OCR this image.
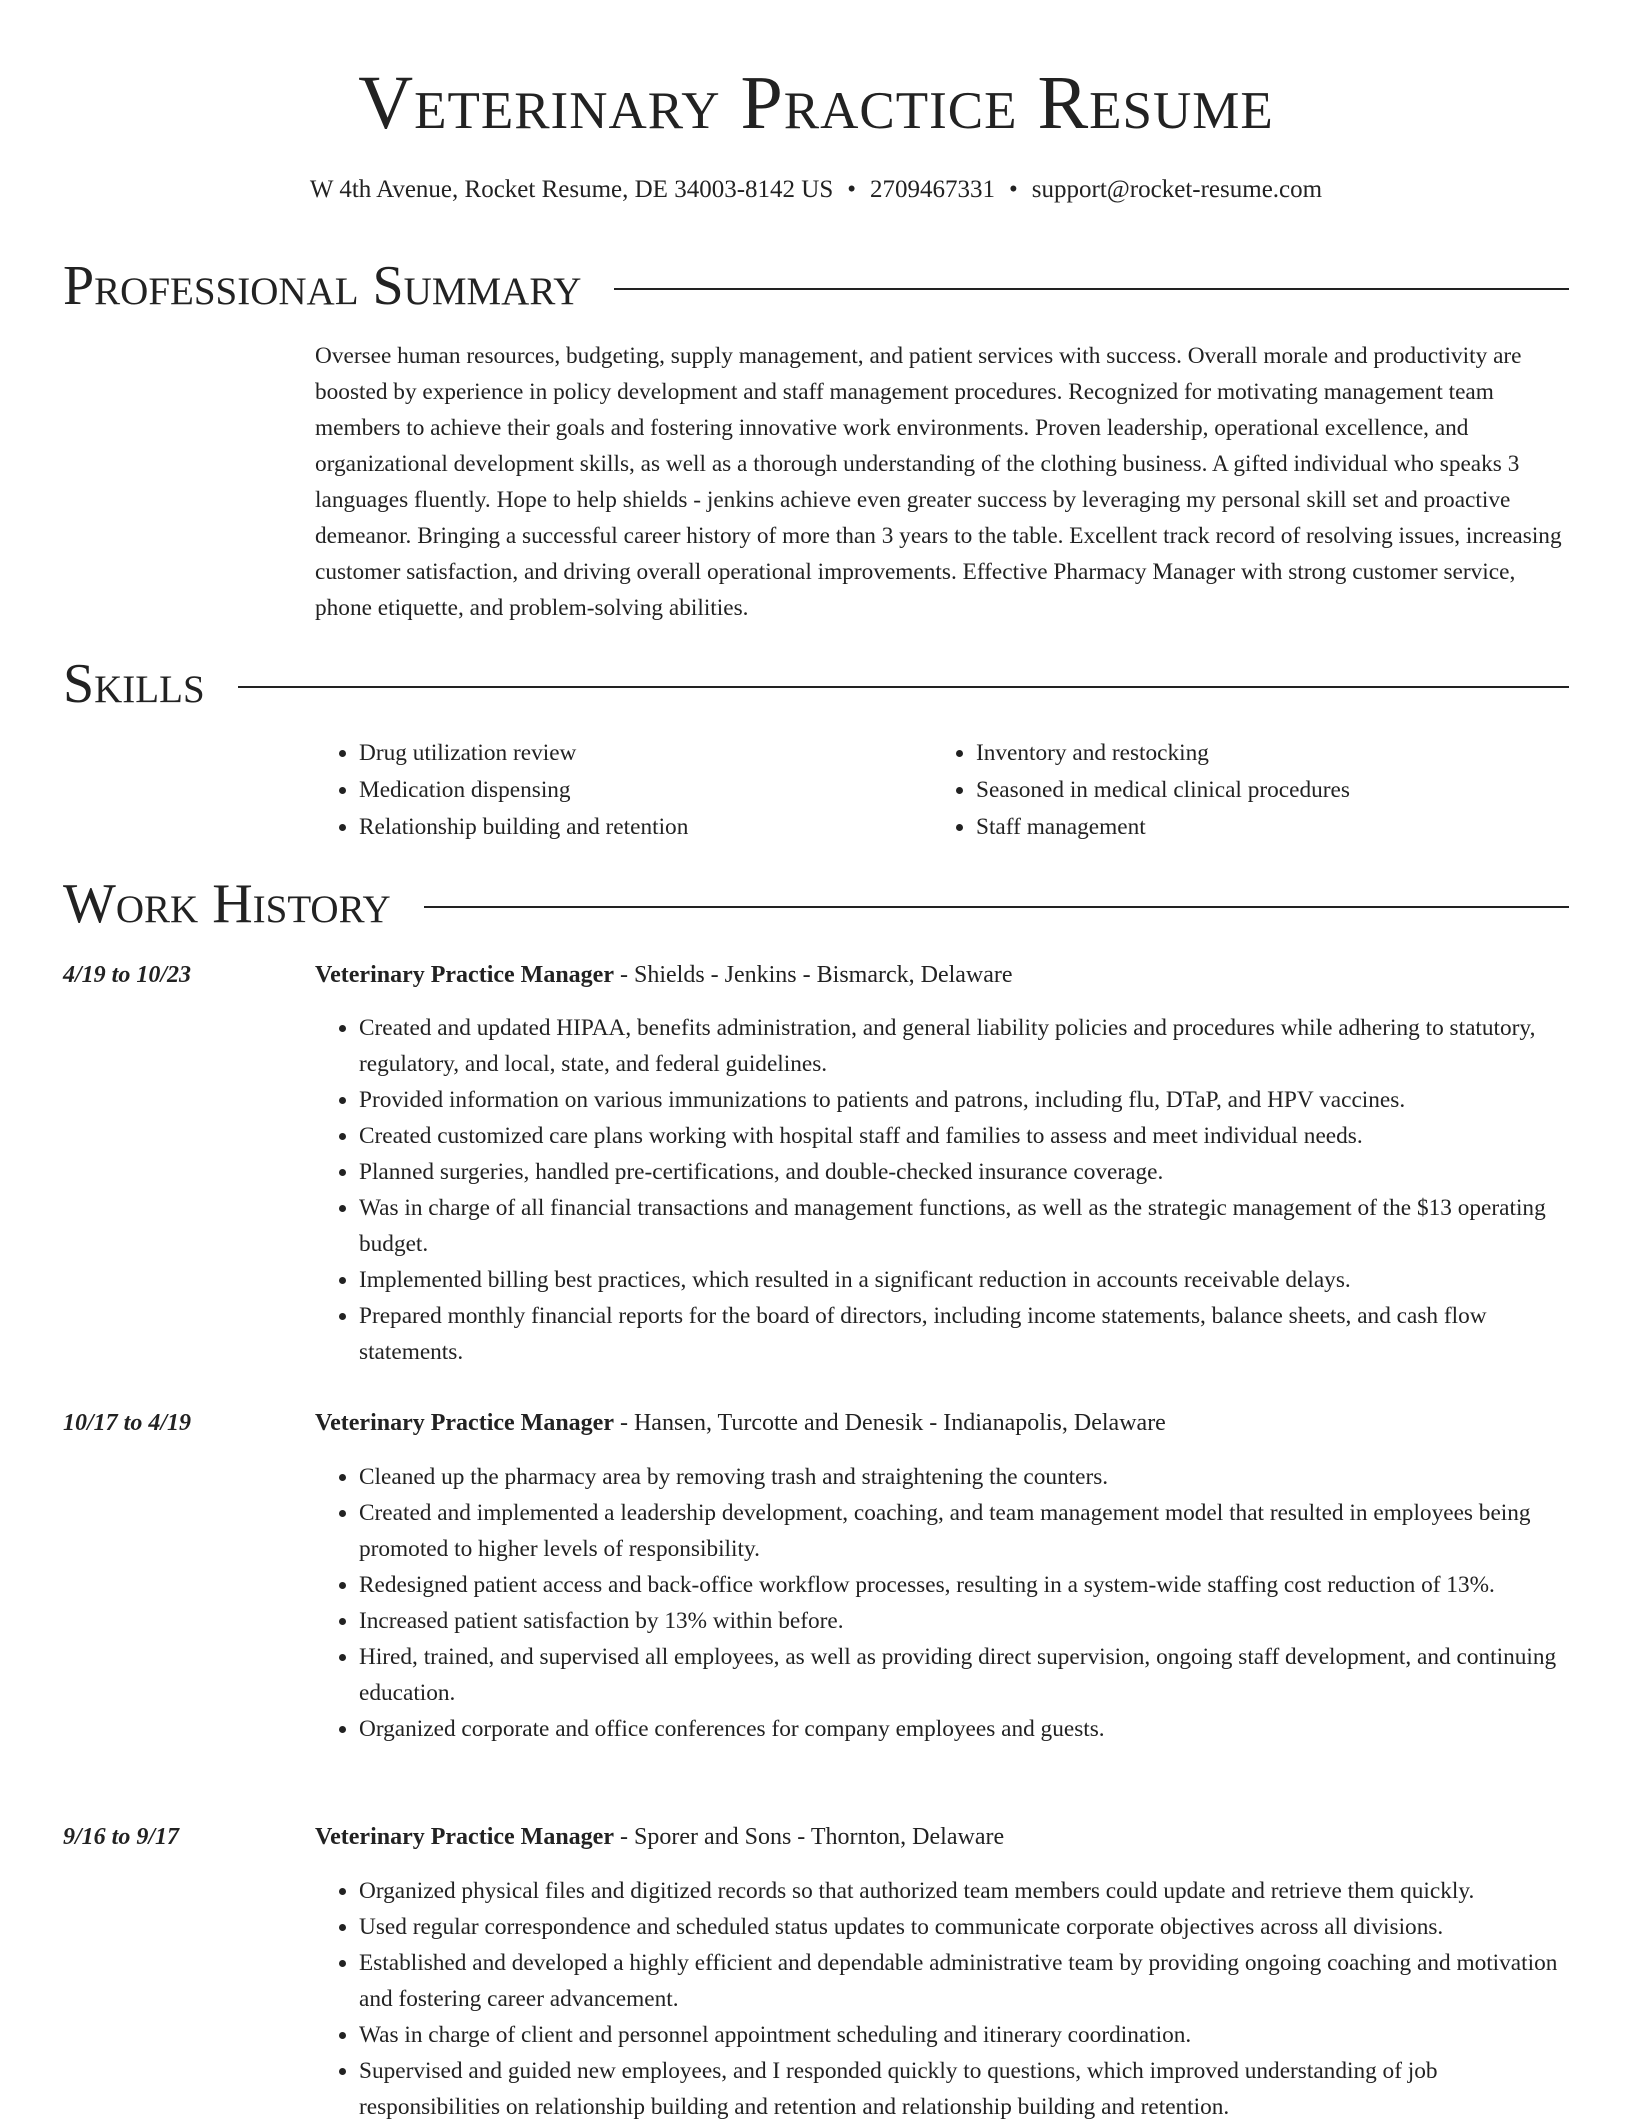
Veterinary Practice Resume
W 4th Avenue, Rocket Resume, DE 34003-8142 US • 2709467331 • support@rocket-resume.com
Professional Summary
Oversee human resources, budgeting, supply management, and patient services with success. Overall morale and productivity are boosted by experience in policy development and staff management procedures. Recognized for motivating management team members to achieve their goals and fostering innovative work environments. Proven leadership, operational excellence, and organizational development skills, as well as a thorough understanding of the clothing business. A gifted individual who speaks 3 languages fluently. Hope to help shields - jenkins achieve even greater success by leveraging my personal skill set and proactive demeanor. Bringing a successful career history of more than 3 years to the table. Excellent track record of resolving issues, increasing customer satisfaction, and driving overall operational improvements. Effective Pharmacy Manager with strong customer service, phone etiquette, and problem-solving abilities.
Skills
• Drug utilization review
• Medication dispensing
• Relationship building and retention
• Inventory and restocking
• Seasoned in medical clinical procedures
• Staff management
Work History
4/19 to 10/23	Veterinary Practice Manager - Shields - Jenkins - Bismarck, Delaware
• Created and updated HIPAA, benefits administration, and general liability policies and procedures while adhering to statutory, regulatory, and local, state, and federal guidelines.
• Provided information on various immunizations to patients and patrons, including flu, DTaP, and HPV vaccines.
• Created customized care plans working with hospital staff and families to assess and meet individual needs.
• Planned surgeries, handled pre-certifications, and double-checked insurance coverage.
• Was in charge of all financial transactions and management functions, as well as the strategic management of the $13 operating budget.
• Implemented billing best practices, which resulted in a significant reduction in accounts receivable delays.
• Prepared monthly financial reports for the board of directors, including income statements, balance sheets, and cash flow statements.
10/17 to 4/19	Veterinary Practice Manager - Hansen, Turcotte and Denesik - Indianapolis, Delaware
• Cleaned up the pharmacy area by removing trash and straightening the counters.
• Created and implemented a leadership development, coaching, and team management model that resulted in employees being promoted to higher levels of responsibility.
• Redesigned patient access and back-office workflow processes, resulting in a system-wide staffing cost reduction of 13%.
• Increased patient satisfaction by 13% within before.
• Hired, trained, and supervised all employees, as well as providing direct supervision, ongoing staff development, and continuing education.
• Organized corporate and office conferences for company employees and guests.
9/16 to 9/17	Veterinary Practice Manager - Sporer and Sons - Thornton, Delaware
• Organized physical files and digitized records so that authorized team members could update and retrieve them quickly.
• Used regular correspondence and scheduled status updates to communicate corporate objectives across all divisions.
• Established and developed a highly efficient and dependable administrative team by providing ongoing coaching and motivation and fostering career advancement.
• Was in charge of client and personnel appointment scheduling and itinerary coordination.
• Supervised and guided new employees, and I responded quickly to questions, which improved understanding of job responsibilities on relationship building and retention and relationship building and retention.
